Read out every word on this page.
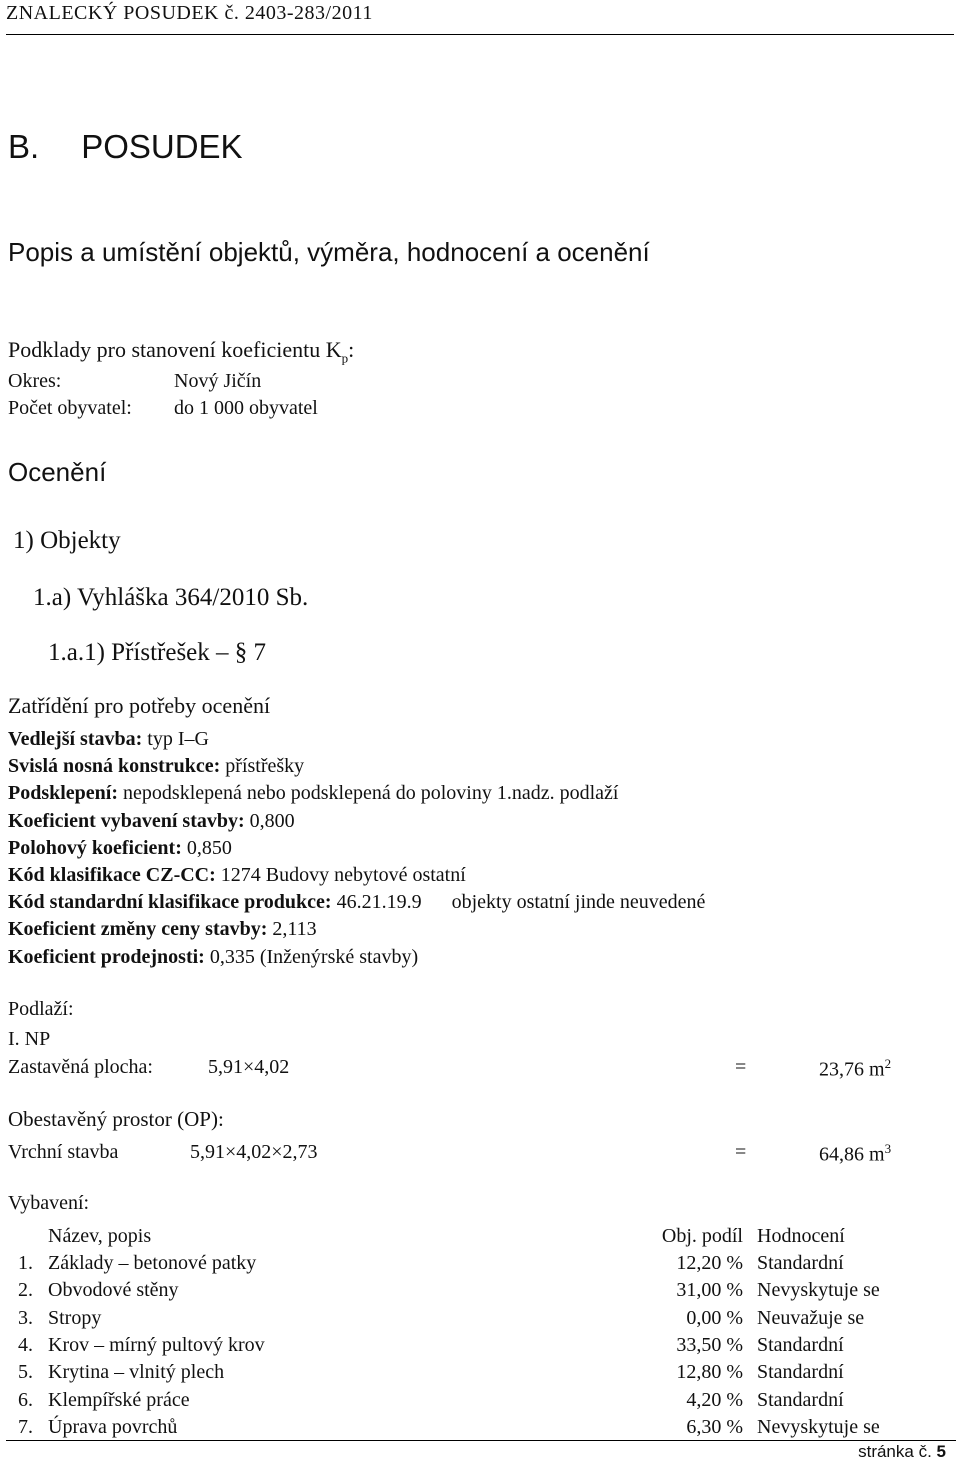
ZNALECKÝ POSUDEK č. 2403-283/2011
B. POSUDEK
Popis a umístění objektů, výměra, hodnocení a ocenění
Podklady pro stanovení koeficientu $K_p$:
Okres:	Nový Jičín
Počet obyvatel: do 1 000 obyvatel
Ocenění
1) Objekty
1.a) Vyhláška 364/2010 Sb.
1.a.1) Přístřešek – § 7
Zatřídění pro potřeby ocenění
Vedlejší stavba: typ I–G
Svislá nosná konstrukce: přístřešky
Podsklepení: nepodsklepená nebo podsklepená do poloviny 1.nadz. podlaží
Koeficient vybavení stavby: 0,800
Polohový koeficient: 0,850
Kód klasifikace CZ-CC: 1274 Budovy nebytové ostatní
Kód standardní klasifikace produkce: 46.21.19.9      objekty ostatní jinde neuvedené
Koeficient změny ceny stavby: 2,113
Koeficient prodejnosti: 0,335 (Inženýrské stavby)
Podlaží:
I. NP
Zastavěná plocha:	5,91×4,02	=	23,76 $m^2$
Obestavěný prostor (OP):
Vrchní stavba	5,91×4,02×2,73	=	64,86 $m^3$
Vybavení:
Název, popis	Obj. podíl Hodnocení
1. Základy – betonové patky	12,20 % Standardní
2. Obvodové stěny	31,00 % Nevyskytuje se
3. Stropy	0,00 % Neuvažuje se
4. Krov – mírný pultový krov	33,50 % Standardní
5. Krytina – vlnitý plech	12,80 % Standardní
6. Klempířské práce	4,20 % Standardní
7. Úprava povrchů	6,30 % Nevyskytuje se
stránka č. 5
